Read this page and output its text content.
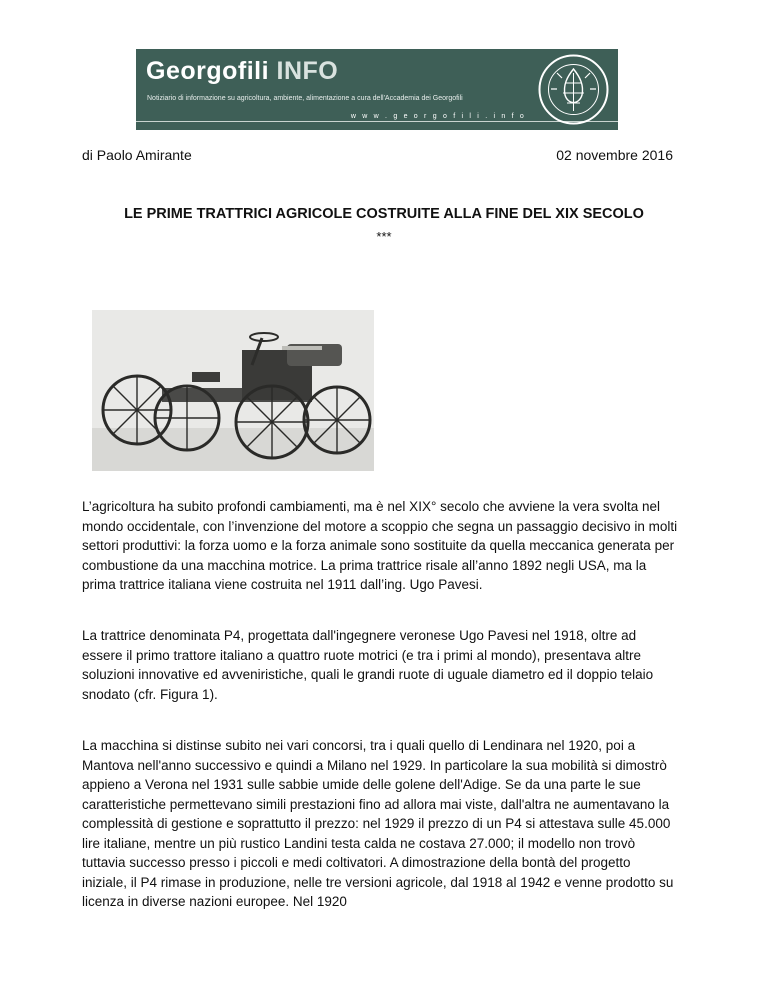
Georgofili INFO
Notiziario di informazione su agricoltura, ambiente, alimentazione a cura dell'Accademia dei Georgofili
w w w . g e o r g o f i l i . i n f o
di Paolo Amirante	02 novembre 2016
LE PRIME TRATTRICI AGRICOLE COSTRUITE ALLA FINE DEL XIX SECOLO
***
L’agricoltura ha subito profondi cambiamenti, ma è nel XIX° secolo che avviene la vera svolta nel mondo occidentale, con l’invenzione del motore a scoppio che segna un passaggio decisivo in molti settori produttivi: la forza uomo e la forza animale sono sostituite da quella meccanica generata per combustione da una macchina motrice. La prima trattrice risale all’anno 1892 negli USA, ma la prima trattrice italiana viene costruita nel 1911 dall’ing. Ugo Pavesi.
La trattrice denominata P4, progettata dall'ingegnere veronese Ugo Pavesi nel 1918, oltre ad essere il primo trattore italiano a quattro ruote motrici (e tra i primi al mondo), presentava altre soluzioni innovative ed avveniristiche, quali le grandi ruote di uguale diametro ed il doppio telaio snodato (cfr. Figura 1).
La macchina si distinse subito nei vari concorsi, tra i quali quello di Lendinara nel 1920, poi a Mantova nell'anno successivo e quindi a Milano nel 1929. In particolare la sua mobilità si dimostrò appieno a Verona nel 1931 sulle sabbie umide delle golene dell'Adige. Se da una parte le sue caratteristiche permettevano simili prestazioni fino ad allora mai viste, dall'altra ne aumentavano la complessità di gestione e soprattutto il prezzo: nel 1929 il prezzo di un P4 si attestava sulle 45.000 lire italiane, mentre un più rustico Landini testa calda ne costava 27.000; il modello non trovò tuttavia successo presso i piccoli e medi coltivatori. A dimostrazione della bontà del progetto iniziale, il P4 rimase in produzione, nelle tre versioni agricole, dal 1918 al 1942 e venne prodotto su licenza in diverse nazioni europee. Nel 1920
